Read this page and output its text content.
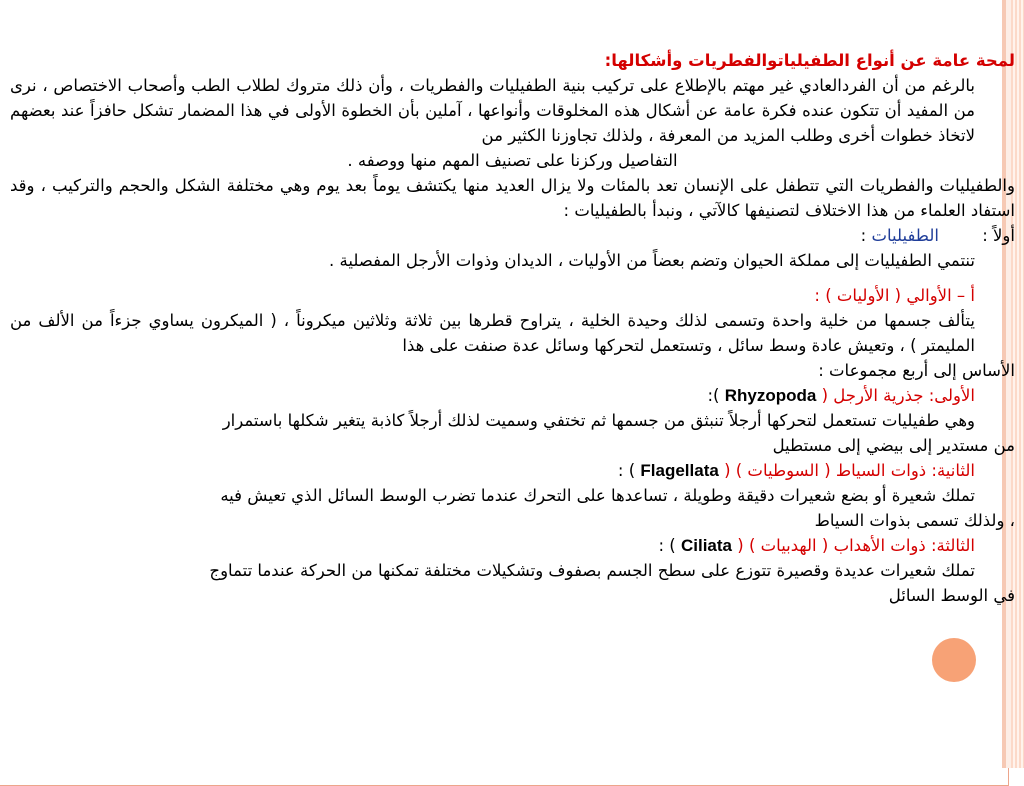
لمحة عامة عن أنواع الطفيلياتوالفطريات وأشكالها:

بالرغم من أن الفردالعادي غير مهتم بالإطلاع على تركيب بنية الطفيليات والفطريات ، وأن ذلك متروك لطلاب الطب وأصحاب الاختصاص ، نرى من المفيد أن تتكون عنده فكرة عامة عن أشكال هذه المخلوقات وأنواعها ، آملين بأن الخطوة الأولى في هذا المضمار تشكل حافزاً عند بعضهم لاتخاذ خطوات أخرى وطلب المزيد من المعرفة ، ولذلك تجاوزنا الكثير من

التفاصيل وركزنا على تصنيف المهم منها ووصفه .

والطفيليات والفطريات التي تتطفل على الإنسان تعد بالمئات ولا يزال العديد منها يكتشف يوماً بعد يوم وهي مختلفة الشكل والحجم والتركيب ، وقد استفاد العلماء من هذا الاختلاف لتصنيفها كالآتي ، ونبدأ بالطفيليات :

أولاً : الطفيليات :

تنتمي الطفيليات إلى مملكة الحيوان وتضم بعضاً من الأوليات ، الديدان وذوات الأرجل المفصلية .

أ – الأوالي ( الأوليات ) :

يتألف جسمها من خلية واحدة وتسمى لذلك وحيدة الخلية ، يتراوح قطرها بين ثلاثة وثلاثين ميكروناً ، ( الميكرون يساوي جزءاً من الألف من المليمتر ) ، وتعيش عادة وسط سائل ، وتستعمل لتحركها وسائل عدة صنفت على هذا

الأساس إلى أربع مجموعات :

الأولى: جذرية الأرجل ( Rhyzopoda ):

وهي طفيليات تستعمل لتحركها أرجلاً تنبثق من جسمها ثم تختفي وسميت لذلك أرجلاً كاذبة يتغير شكلها باستمرار

من مستدير إلى بيضي إلى مستطيل

الثانية: ذوات السياط ( السوطيات ) ( Flagellata ) :

تملك شعيرة أو بضع شعيرات دقيقة وطويلة ، تساعدها على التحرك عندما تضرب الوسط السائل الذي تعيش فيه

، ولذلك تسمى بذوات السياط

الثالثة: ذوات الأهداب ( الهدبيات ) ( Ciliata ) :

تملك شعيرات عديدة وقصيرة تتوزع على سطح الجسم بصفوف وتشكيلات مختلفة تمكنها من الحركة عندما تتماوج

في الوسط السائل
